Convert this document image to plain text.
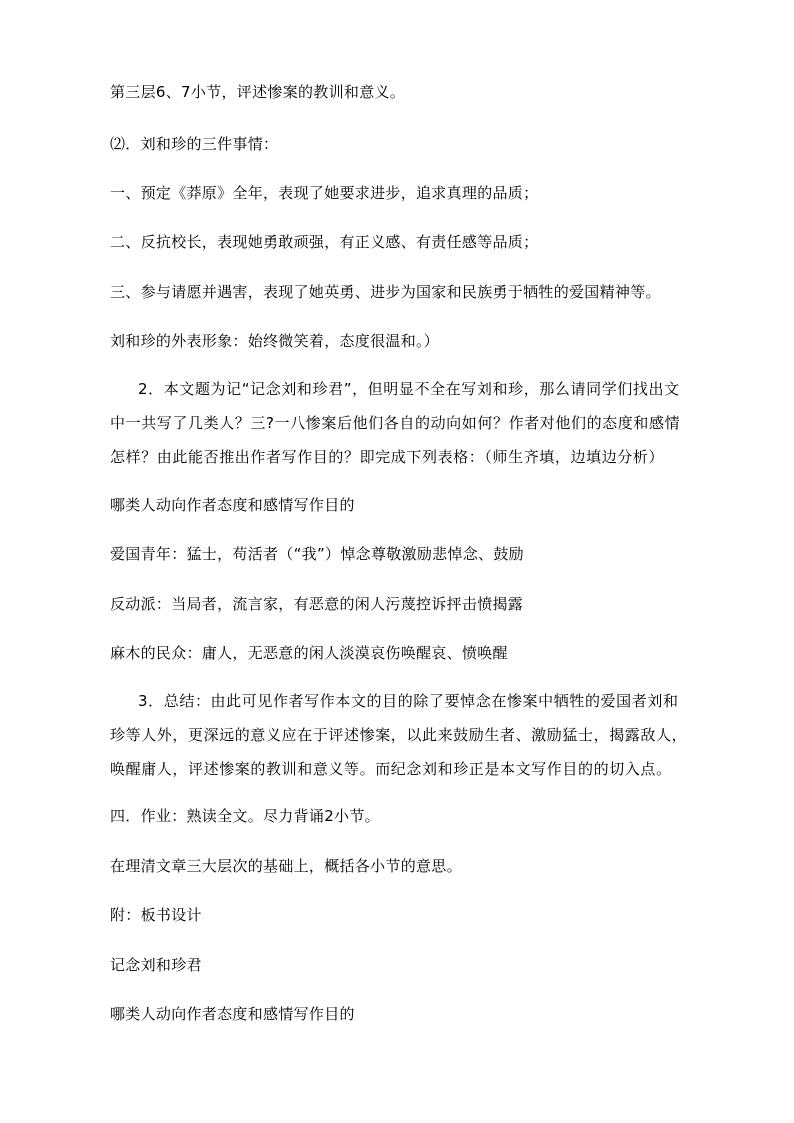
第三层6、7小节，评述惨案的教训和意义。
⑵．刘和珍的三件事情：
一、预定《莽原》全年，表现了她要求进步，追求真理的品质；
二、反抗校长，表现她勇敢顽强，有正义感、有责任感等品质；
三、参与请愿并遇害，表现了她英勇、进步为国家和民族勇于牺牲的爱国精神等。
刘和珍的外表形象：始终微笑着，态度很温和。）

2．本文题为记“记念刘和珍君”，但明显不全在写刘和珍，那么请同学们找出文中一共写了几类人？三?一八惨案后他们各自的动向如何？作者对他们的态度和感情怎样？由此能否推出作者写作目的？即完成下列表格：（师生齐填，边填边分析）

哪类人动向作者态度和感情写作目的
爱国青年：猛士，苟活者（“我”）悼念尊敬激励悲悼念、鼓励
反动派：当局者，流言家，有恶意的闲人污蔑控诉抨击愤揭露
麻木的民众：庸人，无恶意的闲人淡漠哀伤唤醒哀、愤唤醒

3．总结：由此可见作者写作本文的目的除了要悼念在惨案中牺牲的爱国者刘和珍等人外，更深远的意义应在于评述惨案，以此来鼓励生者、激励猛士，揭露敌人，唤醒庸人，评述惨案的教训和意义等。而纪念刘和珍正是本文写作目的的切入点。

四．作业：熟读全文。尽力背诵2小节。
在理清文章三大层次的基础上，概括各小节的意思。
附：板书设计
记念刘和珍君
哪类人动向作者态度和感情写作目的
